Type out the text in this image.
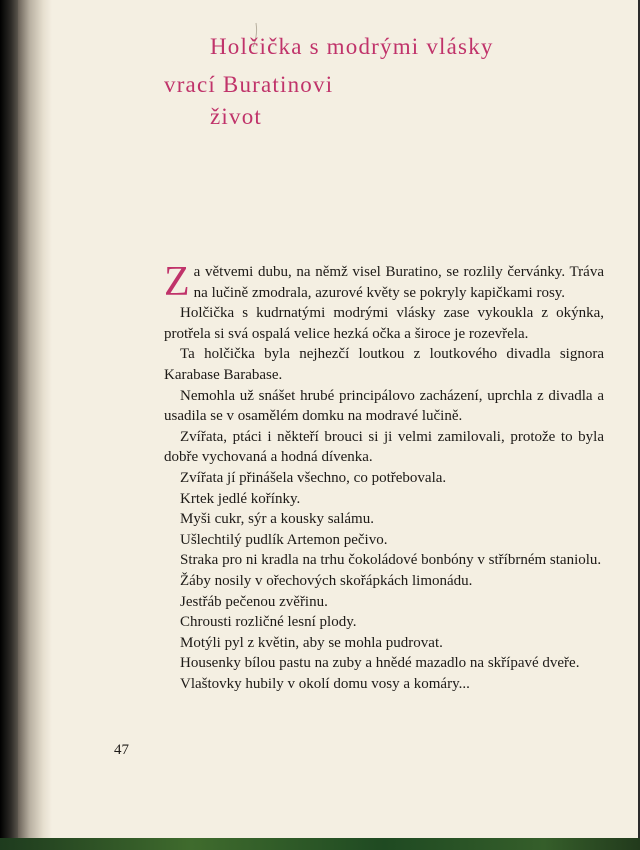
Holčička s modrými vlásky
vrací Buratinovi
život

Za větvemi dubu, na němž visel Buratino, se rozlily červánky. Tráva na lučině zmodrala, azurové květy se pokryly kapičkami rosy.

Holčička s kudrnatými modrými vlásky zase vykoukla z okýnka, protřela si svá ospalá velice hezká očka a široce je rozevřela.

Ta holčička byla nejhezčí loutkou z loutkového divadla signora Karabase Barabase.

Nemohla už snášet hrubé principálovo zacházení, uprchla z divadla a usadila se v osamělém domku na modravé lučině.

Zvířata, ptáci i někteří brouci si ji velmi zamilovali, protože to byla dobře vychovaná a hodná dívenka.

Zvířata jí přinášela všechno, co potřebovala.

Krtek jedlé kořínky.

Myši cukr, sýr a kousky salámu.

Ušlechtilý pudlík Artemon pečivo.

Straka pro ni kradla na trhu čokoládové bonbóny v stříbrném staniolu.

Žáby nosily v ořechových skořápkách limonádu.

Jestřáb pečenou zvěřinu.

Chrousti rozličné lesní plody.

Motýli pyl z květin, aby se mohla pudrovat.

Housenky bílou pastu na zuby a hnědé mazadlo na skřípavé dveře.

Vlaštovky hubily v okolí domu vosy a komáry...

47
